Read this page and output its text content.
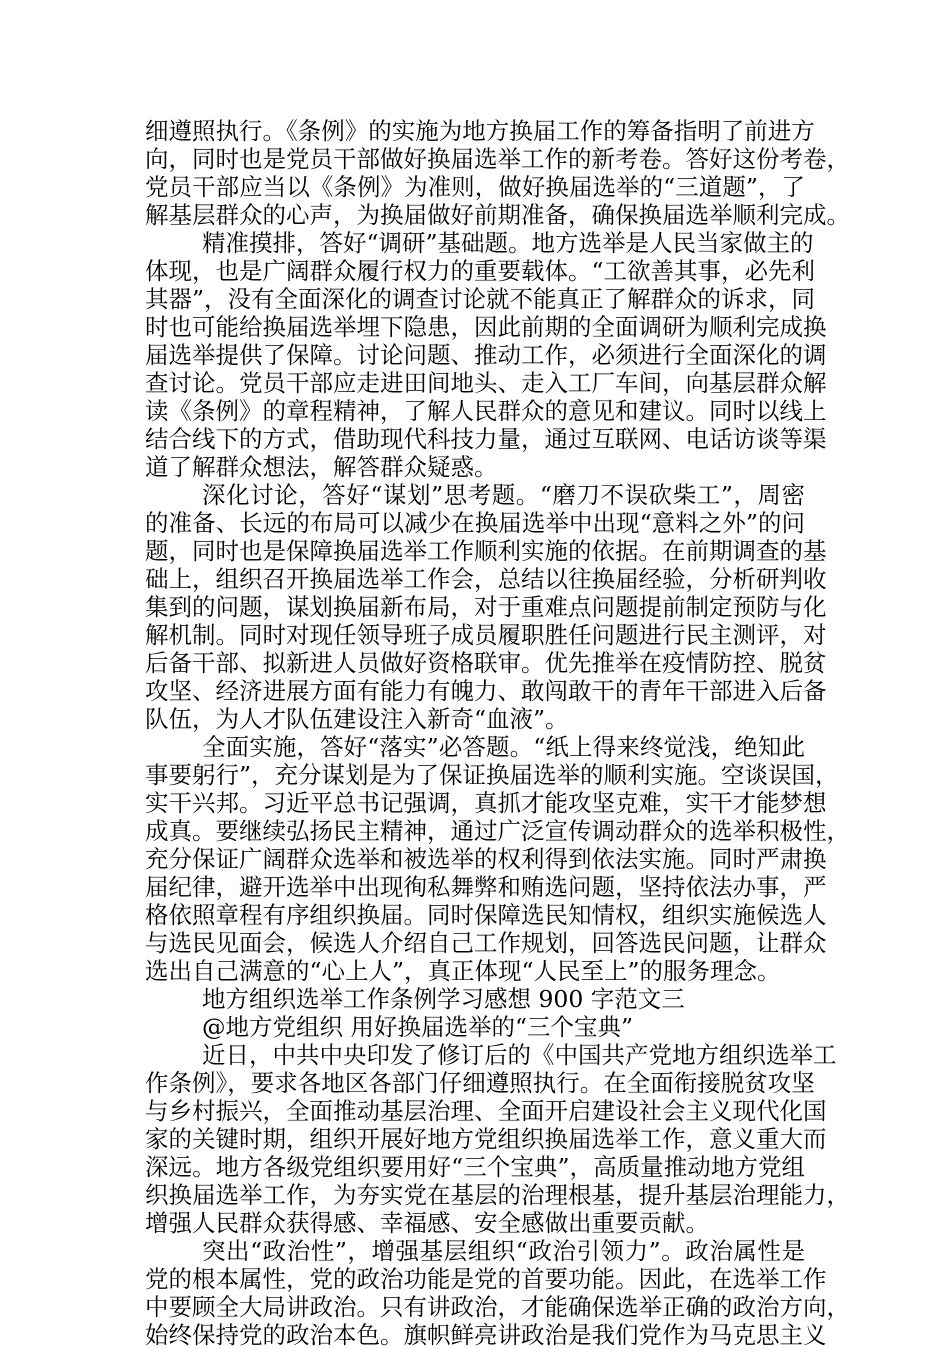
细遵照执行。《条例》的实施为地方换届工作的筹备指明了前进方
向，同时也是党员干部做好换届选举工作的新考卷。答好这份考卷，
党员干部应当以《条例》为准则，做好换届选举的“三道题”，了
解基层群众的心声，为换届做好前期准备，确保换届选举顺利完成。
精准摸排，答好“调研”基础题。地方选举是人民当家做主的
体现，也是广阔群众履行权力的重要载体。“工欲善其事，必先利
其器”，没有全面深化的调查讨论就不能真正了解群众的诉求，同
时也可能给换届选举埋下隐患，因此前期的全面调研为顺利完成换
届选举提供了保障。讨论问题、推动工作，必须进行全面深化的调
查讨论。党员干部应走进田间地头、走入工厂车间，向基层群众解
读《条例》的章程精神，了解人民群众的意见和建议。同时以线上
结合线下的方式，借助现代科技力量，通过互联网、电话访谈等渠
道了解群众想法，解答群众疑惑。
深化讨论，答好“谋划”思考题。“磨刀不误砍柴工”，周密
的准备、长远的布局可以减少在换届选举中出现“意料之外”的问
题，同时也是保障换届选举工作顺利实施的依据。在前期调查的基
础上，组织召开换届选举工作会，总结以往换届经验，分析研判收
集到的问题，谋划换届新布局，对于重难点问题提前制定预防与化
解机制。同时对现任领导班子成员履职胜任问题进行民主测评，对
后备干部、拟新进人员做好资格联审。优先推举在疫情防控、脱贫
攻坚、经济进展方面有能力有魄力、敢闯敢干的青年干部进入后备
队伍，为人才队伍建设注入新奇“血液”。
全面实施，答好“落实”必答题。“纸上得来终觉浅，绝知此
事要躬行”，充分谋划是为了保证换届选举的顺利实施。空谈误国，
实干兴邦。习近平总书记强调，真抓才能攻坚克难，实干才能梦想
成真。要继续弘扬民主精神，通过广泛宣传调动群众的选举积极性，
充分保证广阔群众选举和被选举的权利得到依法实施。同时严肃换
届纪律，避开选举中出现徇私舞弊和贿选问题，坚持依法办事，严
格依照章程有序组织换届。同时保障选民知情权，组织实施候选人
与选民见面会，候选人介绍自己工作规划，回答选民问题，让群众
选出自己满意的“心上人”，真正体现“人民至上”的服务理念。
地方组织选举工作条例学习感想 900 字范文三
@地方党组织 用好换届选举的“三个宝典”
近日，中共中央印发了修订后的《中国共产党地方组织选举工
作条例》，要求各地区各部门仔细遵照执行。在全面衔接脱贫攻坚
与乡村振兴，全面推动基层治理、全面开启建设社会主义现代化国
家的关键时期，组织开展好地方党组织换届选举工作，意义重大而
深远。地方各级党组织要用好“三个宝典”，高质量推动地方党组
织换届选举工作，为夯实党在基层的治理根基，提升基层治理能力，
增强人民群众获得感、幸福感、安全感做出重要贡献。
突出“政治性”，增强基层组织“政治引领力”。政治属性是
党的根本属性，党的政治功能是党的首要功能。因此，在选举工作
中要顾全大局讲政治。只有讲政治，才能确保选举正确的政治方向，
始终保持党的政治本色。旗帜鲜亮讲政治是我们党作为马克思主义
